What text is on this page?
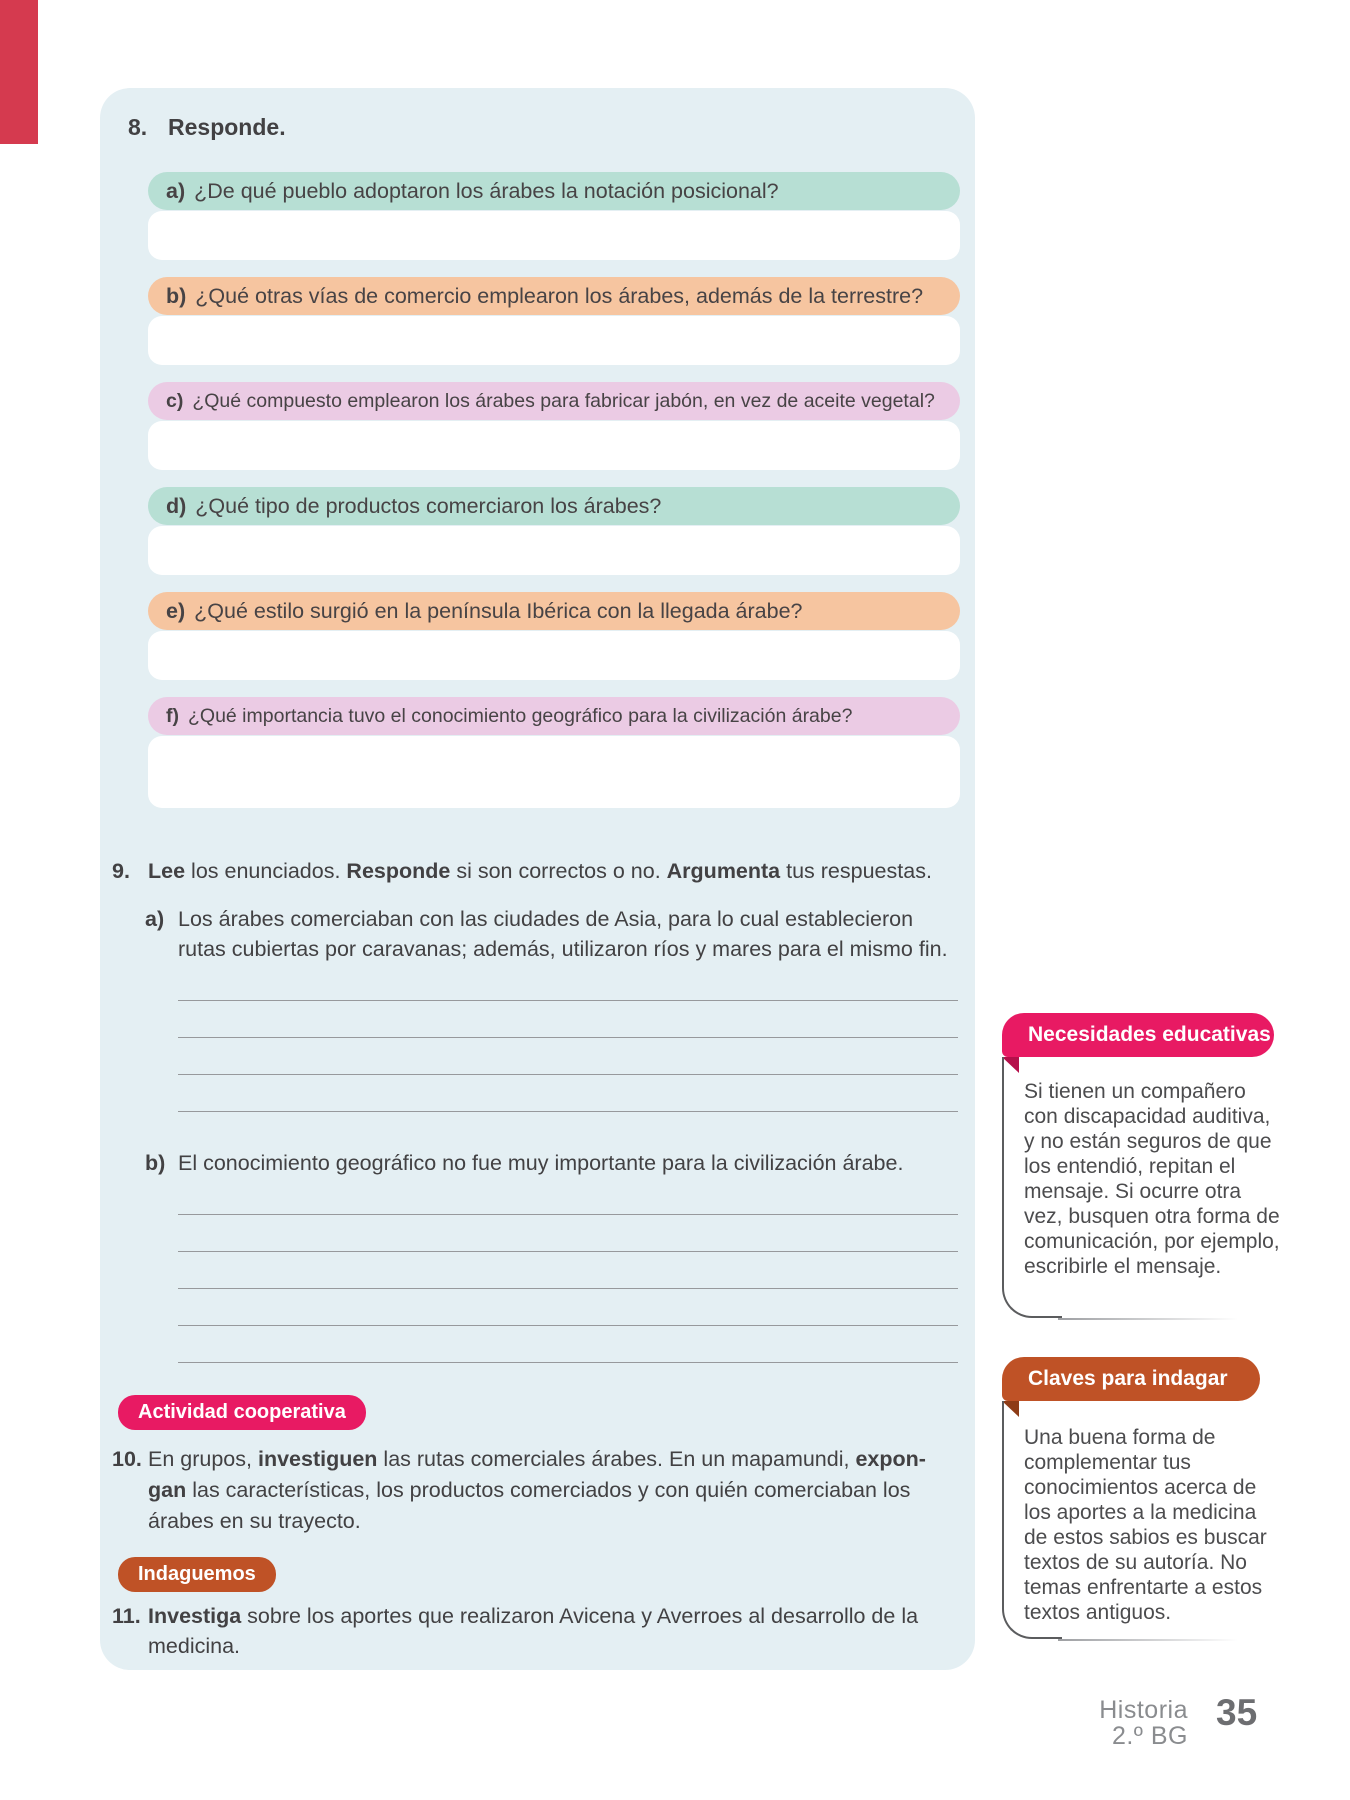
8. Responde.
a) ¿De qué pueblo adoptaron los árabes la notación posicional?
b) ¿Qué otras vías de comercio emplearon los árabes, además de la terrestre?
c) ¿Qué compuesto emplearon los árabes para fabricar jabón, en vez de aceite vegetal?
d) ¿Qué tipo de productos comerciaron los árabes?
e) ¿Qué estilo surgió en la península Ibérica con la llegada árabe?
f) ¿Qué importancia tuvo el conocimiento geográfico para la civilización árabe?
9. Lee los enunciados. Responde si son correctos o no. Argumenta tus respuestas.
a) Los árabes comerciaban con las ciudades de Asia, para lo cual establecieron
rutas cubiertas por caravanas; además, utilizaron ríos y mares para el mismo fin.
b) El conocimiento geográfico no fue muy importante para la civilización árabe.
Actividad cooperativa
10. En grupos, investiguen las rutas comerciales árabes. En un mapamundi, expon-
gan las características, los productos comerciados y con quién comerciaban los
árabes en su trayecto.
Indaguemos
11. Investiga sobre los aportes que realizaron Avicena y Averroes al desarrollo de la
medicina.
Necesidades educativas

Si tienen un compañero con discapacidad auditiva, y no están seguros de que los entendió, repitan el mensaje. Si ocurre otra vez, busquen otra forma de comunicación, por ejemplo, escribirle el mensaje.

Claves para indagar

Una buena forma de complementar tus conocimientos acerca de los aportes a la medicina de estos sabios es buscar textos de su autoría. No temas enfrentarte a estos textos antiguos.

Historia
2.º BG
35
